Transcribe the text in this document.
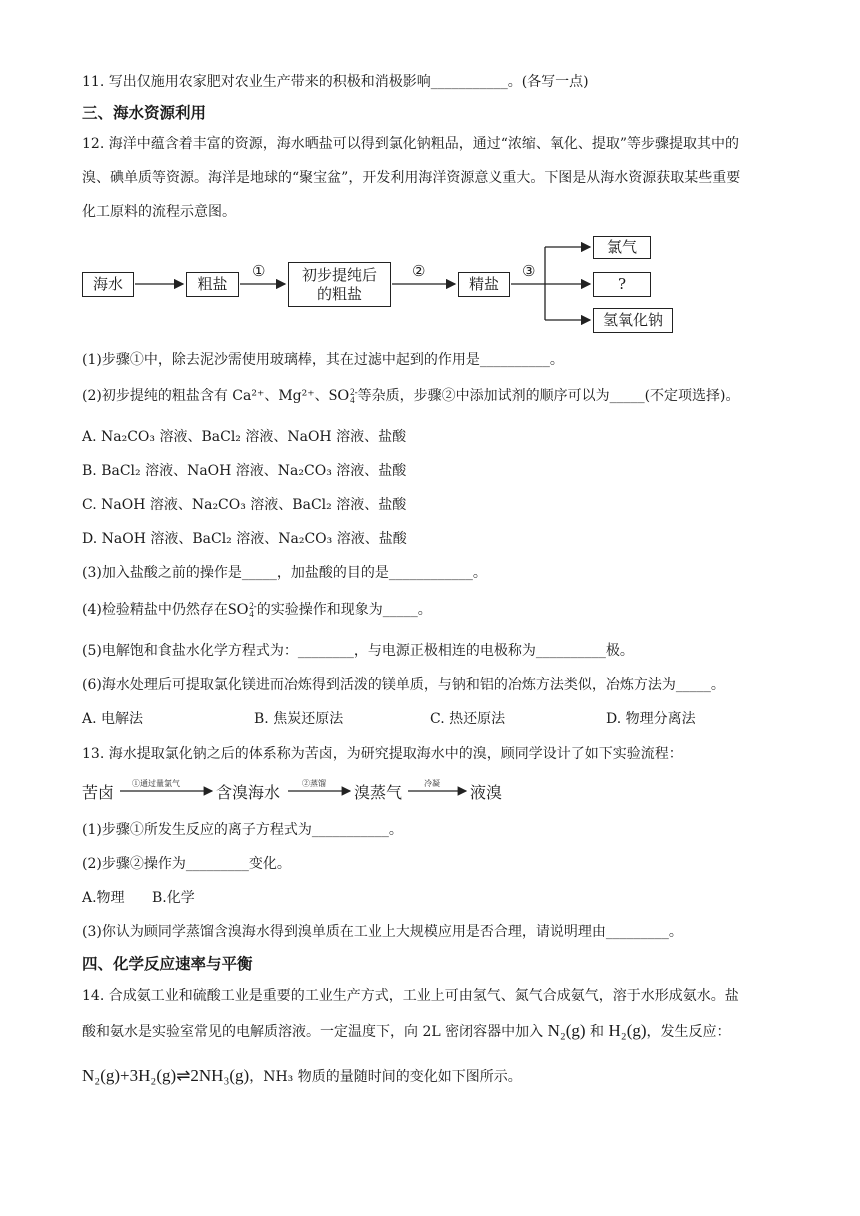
11. 写出仅施用农家肥对农业生产带来的积极和消极影响___________。(各写一点)
三、海水资源利用
12. 海洋中蕴含着丰富的资源，海水晒盐可以得到氯化钠粗品，通过“浓缩、氧化、提取”等步骤提取其中的
溴、碘单质等资源。海洋是地球的“聚宝盆”，开发利用海洋资源意义重大。下图是从海水资源获取某些重要
化工原料的流程示意图。
海水	粗盐
① 初步提纯后
的粗盐
②
精盐
③
氯气
?
氢氧化钠
(1)步骤①中，除去泥沙需使用玻璃棒，其在过滤中起到的作用是__________。
(2)初步提纯的粗盐含有 Ca²⁺、Mg²⁺、SO 2-
4 等杂质，步骤②中添加试剂的顺序可以为_____(不定项选择)。
A. Na₂CO₃ 溶液、BaCl₂ 溶液、NaOH 溶液、盐酸
B. BaCl₂ 溶液、NaOH 溶液、Na₂CO₃ 溶液、盐酸
C. NaOH 溶液、Na₂CO₃ 溶液、BaCl₂ 溶液、盐酸
D. NaOH 溶液、BaCl₂ 溶液、Na₂CO₃ 溶液、盐酸
(3)加入盐酸之前的操作是_____，加盐酸的目的是____________。
(4)检验精盐中仍然存在SO 2-
4 的实验操作和现象为_____。
(5)电解饱和食盐水化学方程式为：________，与电源正极相连的电极称为__________极。
(6)海水处理后可提取氯化镁进而冶炼得到活泼的镁单质，与钠和铝的冶炼方法类似，冶炼方法为_____。
A. 电解法	B. 焦炭还原法	C. 热还原法	D. 物理分离法
13. 海水提取氯化钠之后的体系称为苦卤，为研究提取海水中的溴，顾同学设计了如下实验流程：
苦卤 ①通过量氯气 含溴海水	②蒸馏 溴蒸气	冷凝 液溴
(1)步骤①所发生反应的离子方程式为___________。
(2)步骤②操作为_________变化。
A.物理 B.化学
(3)你认为顾同学蒸馏含溴海水得到溴单质在工业上大规模应用是否合理，请说明理由_________。
四、化学反应速率与平衡
14. 合成氨工业和硫酸工业是重要的工业生产方式，工业上可由氢气、氮气合成氨气，溶于水形成氨水。盐
酸和氨水是实验室常见的电解质溶液。一定温度下，向 2L 密闭容器中加入 N₂(g) 和 H₂(g)，发生反应：
N₂(g)+3H₂(g)⇌2NH₃(g)，NH₃ 物质的量随时间的变化如下图所示。
